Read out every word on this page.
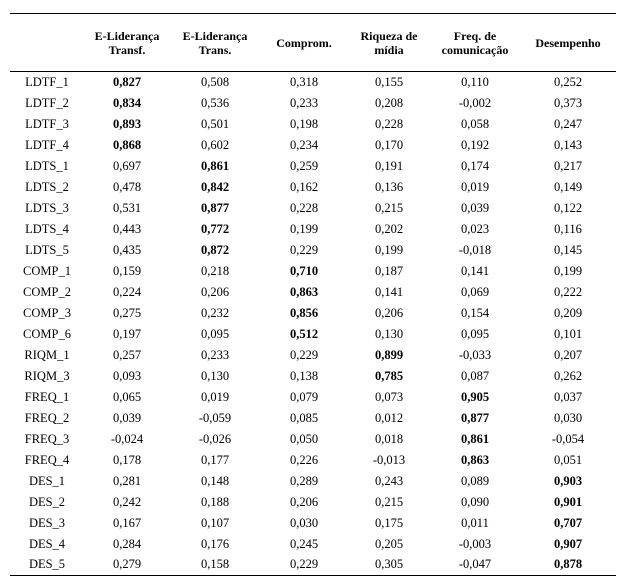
	E-Liderança Transf.	E-Liderança Trans.	Comprom.	Riqueza de mídia	Freq. de comunicação	Desempenho
LDTF_1	0,827	0,508	0,318	0,155	0,110	0,252
LDTF_2	0,834	0,536	0,233	0,208	-0,002	0,373
LDTF_3	0,893	0,501	0,198	0,228	0,058	0,247
LDTF_4	0,868	0,602	0,234	0,170	0,192	0,143
LDTS_1	0,697	0,861	0,259	0,191	0,174	0,217
LDTS_2	0,478	0,842	0,162	0,136	0,019	0,149
LDTS_3	0,531	0,877	0,228	0,215	0,039	0,122
LDTS_4	0,443	0,772	0,199	0,202	0,023	0,116
LDTS_5	0,435	0,872	0,229	0,199	-0,018	0,145
COMP_1	0,159	0,218	0,710	0,187	0,141	0,199
COMP_2	0,224	0,206	0,863	0,141	0,069	0,222
COMP_3	0,275	0,232	0,856	0,206	0,154	0,209
COMP_6	0,197	0,095	0,512	0,130	0,095	0,101
RIQM_1	0,257	0,233	0,229	0,899	-0,033	0,207
RIQM_3	0,093	0,130	0,138	0,785	0,087	0,262
FREQ_1	0,065	0,019	0,079	0,073	0,905	0,037
FREQ_2	0,039	-0,059	0,085	0,012	0,877	0,030
FREQ_3	-0,024	-0,026	0,050	0,018	0,861	-0,054
FREQ_4	0,178	0,177	0,226	-0,013	0,863	0,051
DES_1	0,281	0,148	0,289	0,243	0,089	0,903
DES_2	0,242	0,188	0,206	0,215	0,090	0,901
DES_3	0,167	0,107	0,030	0,175	0,011	0,707
DES_4	0,284	0,176	0,245	0,205	-0,003	0,907
DES_5	0,279	0,158	0,229	0,305	-0,047	0,878
